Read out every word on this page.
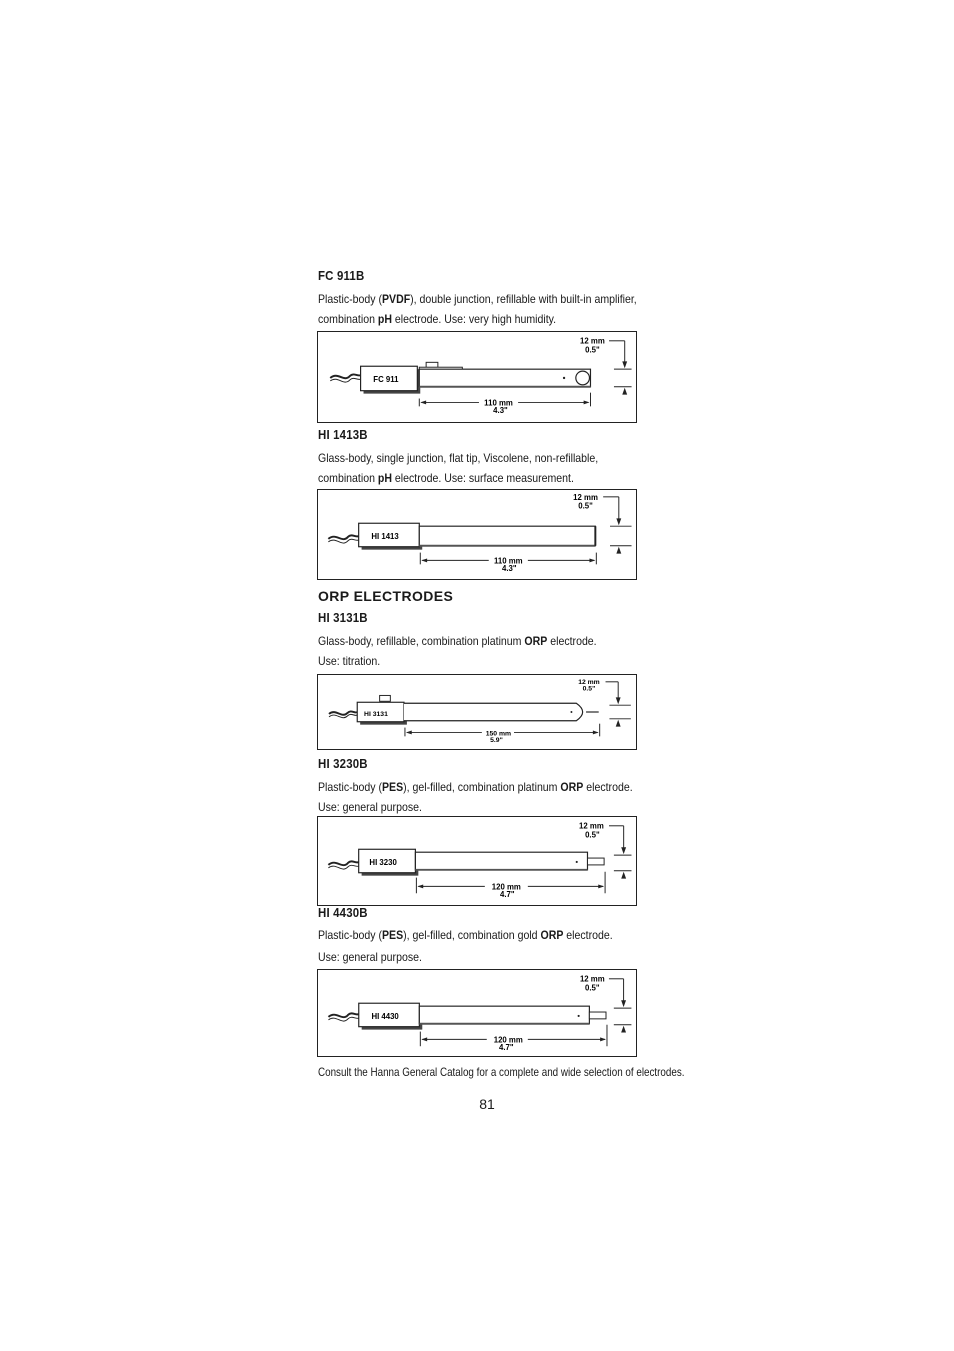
FC 911B
Plastic-body (PVDF), double junction, refillable with built-in amplifier, combination pH electrode. Use: very high humidity.
FC 911
110 mm
4.3"
12 mm
0.5"
HI 1413B
Glass-body, single junction, flat tip, Viscolene, non-refillable, combination pH electrode. Use: surface measurement.
HI 1413
110 mm
4.3"
12 mm
0.5"
ORP ELECTRODES
HI 3131B
Glass-body, refillable, combination platinum ORP electrode.
Use: titration.
HI 3131
150 mm
5.9"
12 mm
0.5"
HI 3230B
Plastic-body (PES), gel-filled, combination platinum ORP electrode.
Use: general purpose.
HI 3230
120 mm
4.7"
12 mm
0.5"
HI 4430B
Plastic-body (PES), gel-filled, combination gold ORP electrode.
Use: general purpose.
HI 4430
120 mm
4.7"
12 mm
0.5"
Consult the Hanna General Catalog for a complete and wide selection of electrodes.
81
